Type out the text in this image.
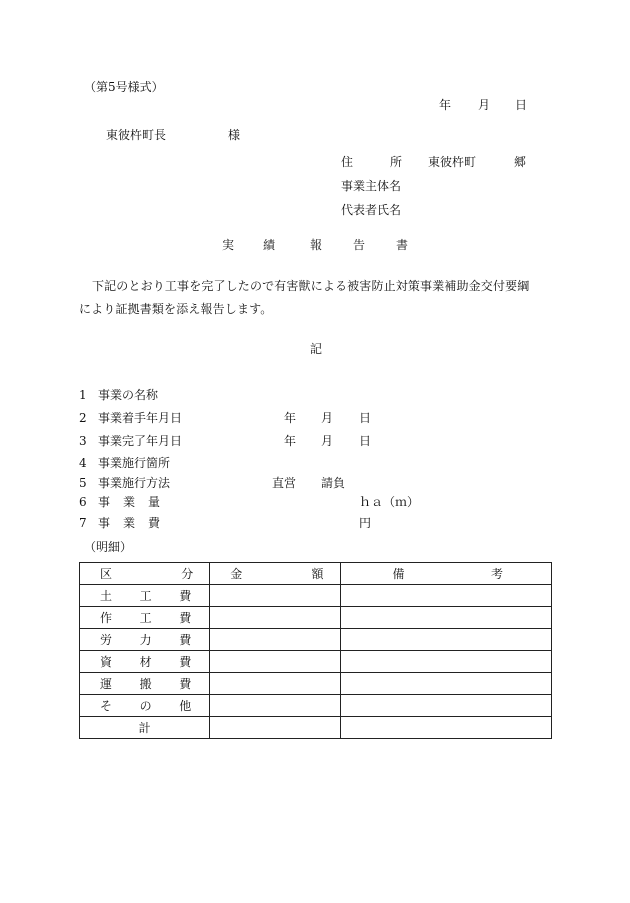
（第5号様式）
年 月 日
東彼杵町長	様
住	所 東彼杵町	郷
事業主体名
代表者氏名
実 績	報	告	書
下記のとおり工事を完了したので有害獣による被害防止対策事業補助金交付要綱
により証拠書類を添え報告します。
記
1 事業の名称
2 事業着手年月日	年 月 日
3 事業完了年月日	年 月 日
4 事業施行箇所
5 事業施行方法	直営 請負
6 事 業 量	ｈａ（ｍ）
7 事 業 費	円
（明細）
区 分	金 額	備 考

土 工 費		

作 工 費		

労 力 費		

資 材 費		

運 搬 費		

そ の 他		

計		
